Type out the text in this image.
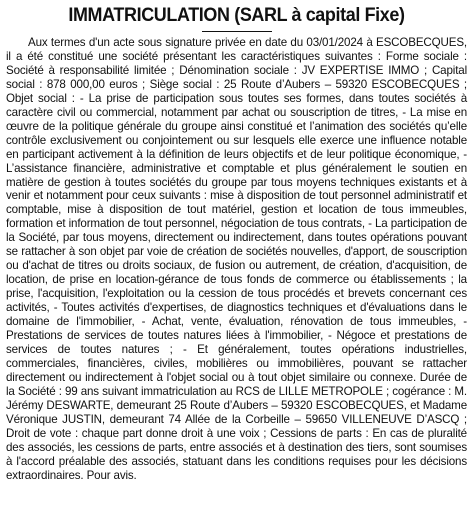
IMMATRICULATION (SARL à capital Fixe)

Aux termes d'un acte sous signature privée en date du 03/01/2024 à ESCOBECQUES, il a été constitué une société présentant les caractéristiques suivantes : Forme sociale : Société à responsabilité limitée ; Dénomination sociale : JV EXPERTISE IMMO ; Capital social : 878 000,00 euros ; Siège social : 25 Route d’Aubers – 59320 ESCOBECQUES ; Objet social : - La prise de participation sous toutes ses formes, dans toutes sociétés à caractère civil ou commercial, notamment par achat ou souscription de titres, - La mise en œuvre de la politique générale du groupe ainsi constitué et l’animation des sociétés qu’elle contrôle exclusivement ou conjointement ou sur lesquels elle exerce une influence notable en participant activement à la définition de leurs objectifs et de leur politique économique, - L’assistance financière, administrative et comptable et plus généralement le soutien en matière de gestion à toutes sociétés du groupe par tous moyens techniques existants et à venir et notamment pour ceux suivants : mise à disposition de tout personnel administratif et comptable, mise à disposition de tout matériel, gestion et location de tous immeubles, formation et information de tout personnel, négociation de tous contrats, - La participation de la Société, par tous moyens, directement ou indirectement, dans toutes opérations pouvant se rattacher à son objet par voie de création de sociétés nouvelles, d'apport, de souscription ou d'achat de titres ou droits sociaux, de fusion ou autrement, de création, d'acquisition, de location, de prise en location-gérance de tous fonds de commerce ou établissements ; la prise, l'acquisition, l'exploitation ou la cession de tous procédés et brevets concernant ces activités, - Toutes activités d'expertises, de diagnostics techniques et d'évaluations dans le domaine de l'immobilier, - Achat, vente, évaluation, rénovation de tous immeubles, - Prestations de services de toutes natures liées à l'immobilier, - Négoce et prestations de services de toutes natures ; - Et généralement, toutes opérations industrielles, commerciales, financières, civiles, mobilières ou immobilières, pouvant se rattacher directement ou indirectement à l'objet social ou à tout objet similaire ou connexe. Durée de la Société : 99 ans suivant immatriculation au RCS de LILLE METROPOLE ; cogérance : M. Jérémy DESWARTE, demeurant 25 Route d’Aubers – 59320 ESCOBECQUES, et Madame Véronique JUSTIN, demeurant 74 Allée de la Corbeille – 59650 VILLENEUVE D’ASCQ ; Droit de vote : chaque part donne droit à une voix ; Cessions de parts : En cas de pluralité des associés, les cessions de parts, entre associés et à destination des tiers, sont soumises à l'accord préalable des associés, statuant dans les conditions requises pour les décisions extraordinaires. Pour avis.
